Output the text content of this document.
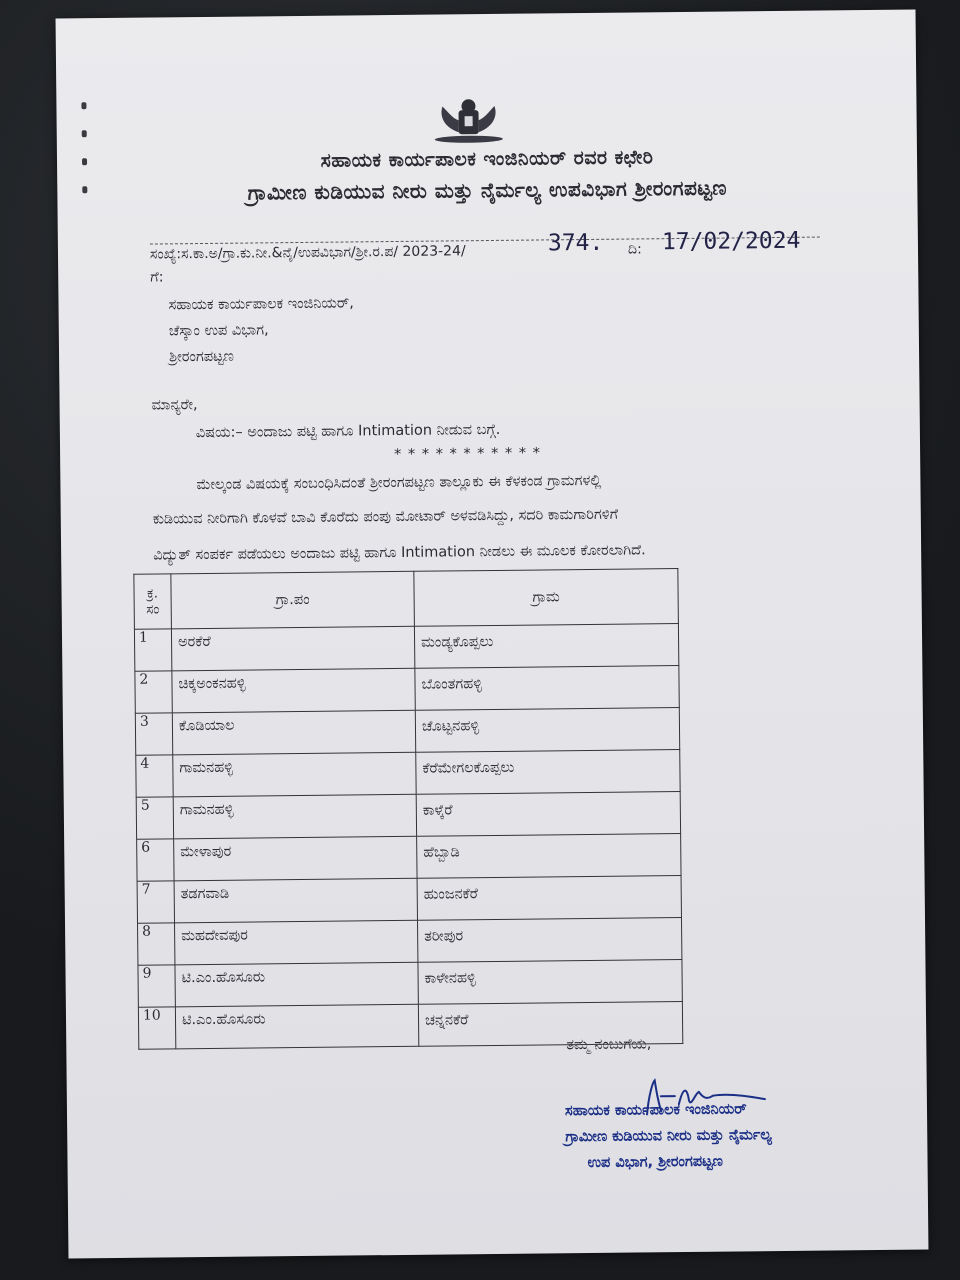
ಸಹಾಯಕ ಕಾರ್ಯಪಾಲಕ ಇಂಜಿನಿಯರ್ ರವರ ಕಛೇರಿ
ಗ್ರಾಮೀಣ ಕುಡಿಯುವ ನೀರು ಮತ್ತು ನೈರ್ಮಲ್ಯ ಉಪವಿಭಾಗ ಶ್ರೀರಂಗಪಟ್ಟಣ
ಸಂಖ್ಯೆ:ಸ.ಕಾ.ಅ/ಗ್ರಾ.ಕು.ನೀ.&ನೈ/ಉಪವಿಭಾಗ/ಶ್ರೀ.ರ.ಪ/ 2023-24/	374. ದಿ: 17/02/2024
ಗೆ:
ಸಹಾಯಕ ಕಾರ್ಯಪಾಲಕ ಇಂಜಿನಿಯರ್,
ಚೆಸ್ಕಾಂ ಉಪ ವಿಭಾಗ,
ಶ್ರೀರಂಗಪಟ್ಟಣ
ಮಾನ್ಯರೇ,
ವಿಷಯ:– ಅಂದಾಜು ಪಟ್ಟಿ ಹಾಗೂ Intimation ನೀಡುವ ಬಗ್ಗೆ.
* * * * * * * * * * *
ಮೇಲ್ಕಂಡ ವಿಷಯಕ್ಕೆ ಸಂಬಂಧಿಸಿದಂತೆ ಶ್ರೀರಂಗಪಟ್ಟಣ ತಾಲ್ಲೂಕು ಈ ಕೆಳಕಂಡ ಗ್ರಾಮಗಳಲ್ಲಿ
ಕುಡಿಯುವ ನೀರಿಗಾಗಿ ಕೊಳವೆ ಬಾವಿ ಕೊರೆದು ಪಂಪು ಮೋಟಾರ್ ಅಳವಡಿಸಿದ್ದು, ಸದರಿ ಕಾಮಗಾರಿಗಳಿಗೆ
ವಿದ್ಯುತ್ ಸಂಪರ್ಕ ಪಡೆಯಲು ಅಂದಾಜು ಪಟ್ಟಿ ಹಾಗೂ Intimation ನೀಡಲು ಈ ಮೂಲಕ ಕೋರಲಾಗಿದೆ.
ಕ್ರ. ಸಂ	ಗ್ರಾ.ಪಂ	ಗ್ರಾಮ
1	ಅರಕೆರೆ	ಮಂಡ್ಯಕೊಪ್ಪಲು
2	ಚಿಕ್ಕಅಂಕನಹಳ್ಳಿ	ಬೊಂತಗಹಳ್ಳಿ
3	ಕೊಡಿಯಾಲ	ಚೊಟ್ಟನಹಳ್ಳಿ
4	ಗಾಮನಹಳ್ಳಿ	ಕೆರೆಮೇಗಲಕೊಪ್ಪಲು
5	ಗಾಮನಹಳ್ಳಿ	ಕಾಳ್ಕೆರೆ
6	ಮೇಳಾಪುರ	ಹೆಬ್ಬಾಡಿ
7	ತಡಗವಾಡಿ	ಹುಂಜನಕೆರೆ
8	ಮಹದೇವಪುರ	ತರೀಪುರ
9	ಟಿ.ಎಂ.ಹೊಸೂರು	ಕಾಳೇನಹಳ್ಳಿ
10	ಟಿ.ಎಂ.ಹೊಸೂರು	ಚನ್ನನಕೆರೆ
ತಮ್ಮ ನಂಬುಗೆಯ,
ಸಹಾಯಕ ಕಾರ್ಯಪಾಲಕ ಇಂಜಿನಿಯರ್
ಗ್ರಾಮೀಣ ಕುಡಿಯುವ ನೀರು ಮತ್ತು ನೈರ್ಮಲ್ಯ
ಉಪ ವಿಭಾಗ, ಶ್ರೀರಂಗಪಟ್ಟಣ
